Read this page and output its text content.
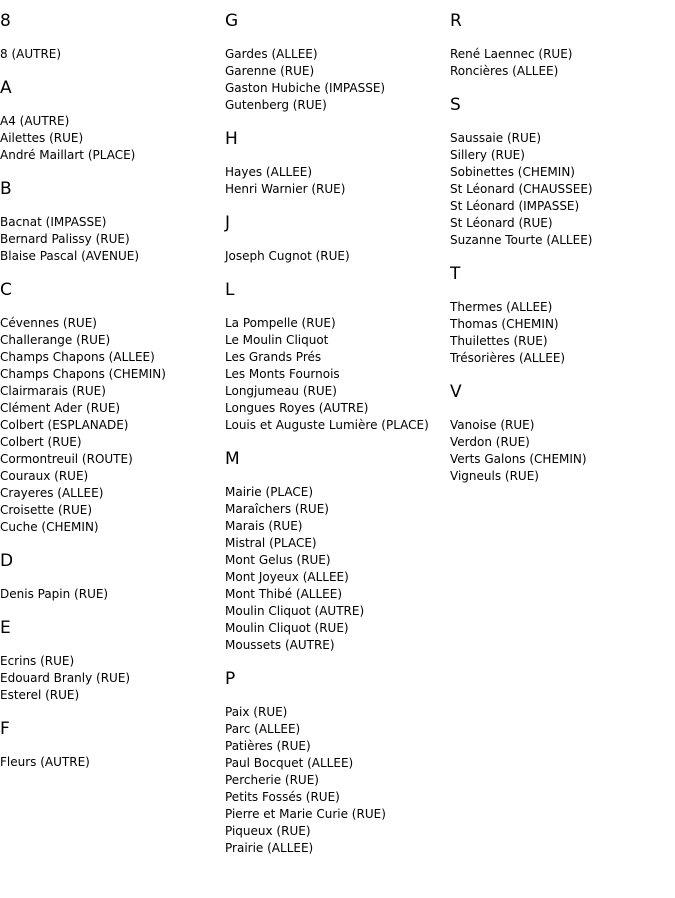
8
8 (AUTRE)
A
A4 (AUTRE)
Ailettes (RUE)
André Maillart (PLACE)
B
Bacnat (IMPASSE)
Bernard Palissy (RUE)
Blaise Pascal (AVENUE)
C
Cévennes (RUE)
Challerange (RUE)
Champs Chapons (ALLEE)
Champs Chapons (CHEMIN)
Clairmarais (RUE)
Clément Ader (RUE)
Colbert (ESPLANADE)
Colbert (RUE)
Cormontreuil (ROUTE)
Couraux (RUE)
Crayeres (ALLEE)
Croisette (RUE)
Cuche (CHEMIN)
D
Denis Papin (RUE)
E
Ecrins (RUE)
Edouard Branly (RUE)
Esterel (RUE)
F
Fleurs (AUTRE)
G
Gardes (ALLEE)
Garenne (RUE)
Gaston Hubiche (IMPASSE)
Gutenberg (RUE)
H
Hayes (ALLEE)
Henri Warnier (RUE)
J
Joseph Cugnot (RUE)
L
La Pompelle (RUE)
Le Moulin Cliquot
Les Grands Prés
Les Monts Fournois
Longjumeau (RUE)
Longues Royes (AUTRE)
Louis et Auguste Lumière (PLACE)
M
Mairie (PLACE)
Maraîchers (RUE)
Marais (RUE)
Mistral (PLACE)
Mont Gelus (RUE)
Mont Joyeux (ALLEE)
Mont Thibé (ALLEE)
Moulin Cliquot (AUTRE)
Moulin Cliquot (RUE)
Moussets (AUTRE)
P
Paix (RUE)
Parc (ALLEE)
Patières (RUE)
Paul Bocquet (ALLEE)
Percherie (RUE)
Petits Fossés (RUE)
Pierre et Marie Curie (RUE)
Piqueux (RUE)
Prairie (ALLEE)
R
René Laennec (RUE)
Roncières (ALLEE)
S
Saussaie (RUE)
Sillery (RUE)
Sobinettes (CHEMIN)
St Léonard (CHAUSSEE)
St Léonard (IMPASSE)
St Léonard (RUE)
Suzanne Tourte (ALLEE)
T
Thermes (ALLEE)
Thomas (CHEMIN)
Thuilettes (RUE)
Trésorières (ALLEE)
V
Vanoise (RUE)
Verdon (RUE)
Verts Galons (CHEMIN)
Vigneuls (RUE)
